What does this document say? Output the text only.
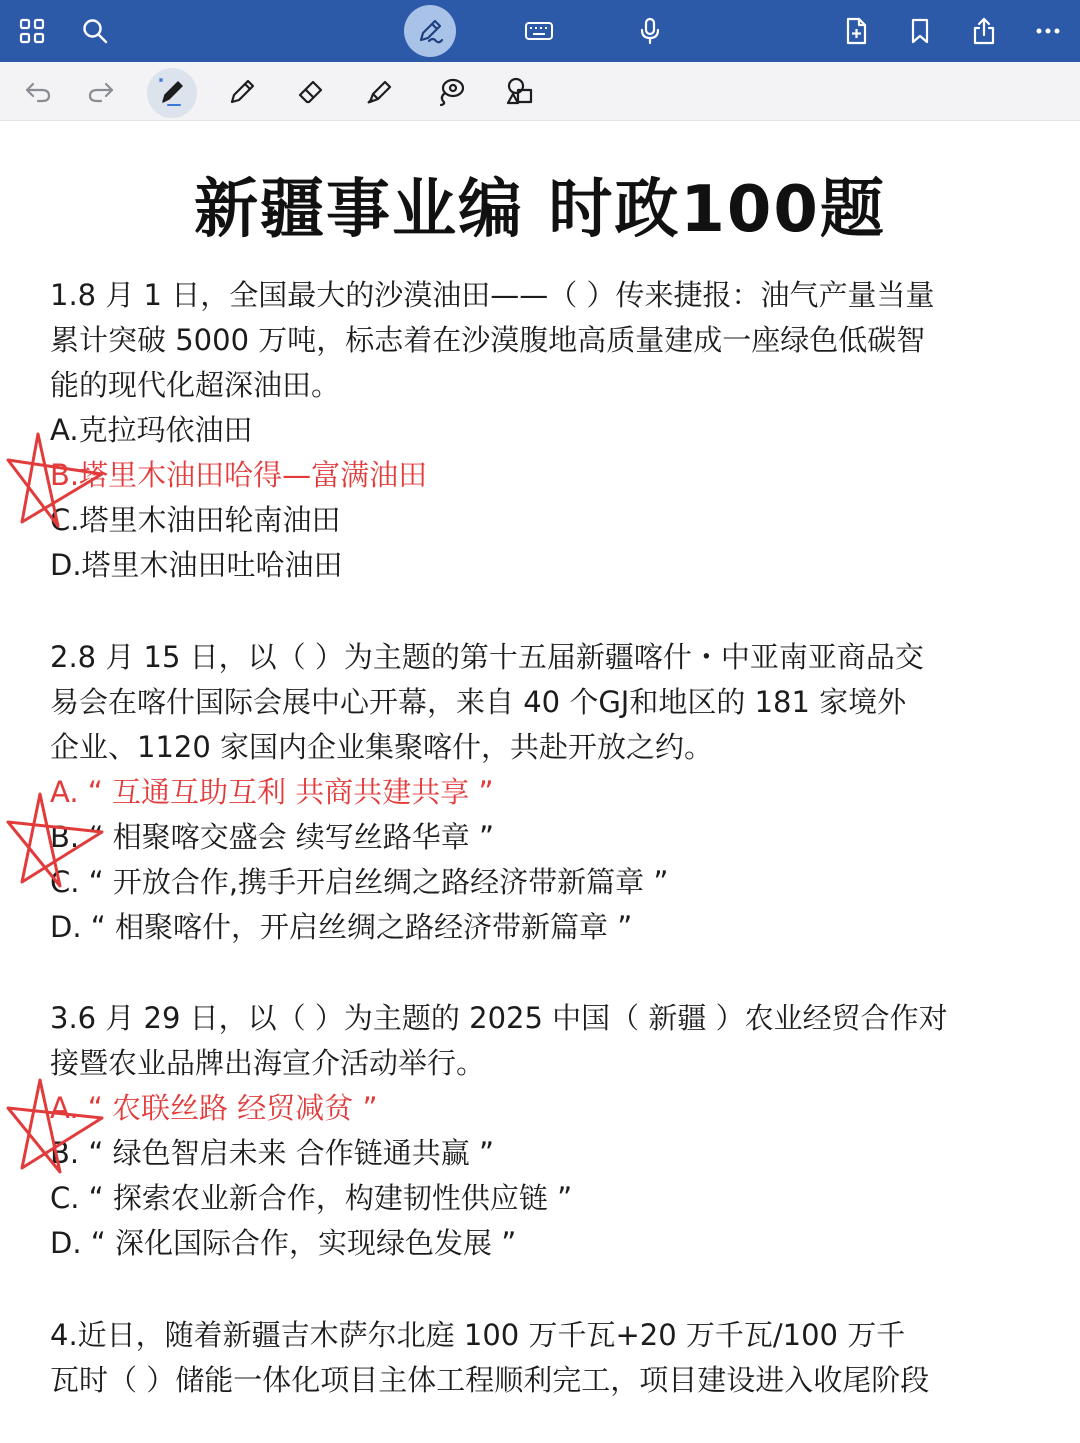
新疆事业编 时政100题
1.8 月 1 日，全国最大的沙漠油田——（ ）传来捷报：油气产量当量
累计突破 5000 万吨，标志着在沙漠腹地高质量建成一座绿色低碳智
能的现代化超深油田。
A.克拉玛依油田
B.塔里木油田哈得—富满油田
C.塔里木油田轮南油田
D.塔里木油田吐哈油田
2.8 月 15 日，以（ ）为主题的第十五届新疆喀什・中亚南亚商品交
易会在喀什国际会展中心开幕，来自 40 个GJ和地区的 181 家境外
企业、1120 家国内企业集聚喀什，共赴开放之约。
A. “ 互通互助互利 共商共建共享 ”
B. “ 相聚喀交盛会 续写丝路华章 ”
C. “ 开放合作,携手开启丝绸之路经济带新篇章 ”
D. “ 相聚喀什，开启丝绸之路经济带新篇章 ”
3.6 月 29 日，以（ ）为主题的 2025 中国（ 新疆 ）农业经贸合作对
接暨农业品牌出海宣介活动举行。
A. “ 农联丝路 经贸减贫 ”
B. “ 绿色智启未来 合作链通共赢 ”
C. “ 探索农业新合作，构建韧性供应链 ”
D. “ 深化国际合作，实现绿色发展 ”
4.近日，随着新疆吉木萨尔北庭 100 万千瓦+20 万千瓦/100 万千
瓦时（ ）储能一体化项目主体工程顺利完工，项目建设进入收尾阶段
